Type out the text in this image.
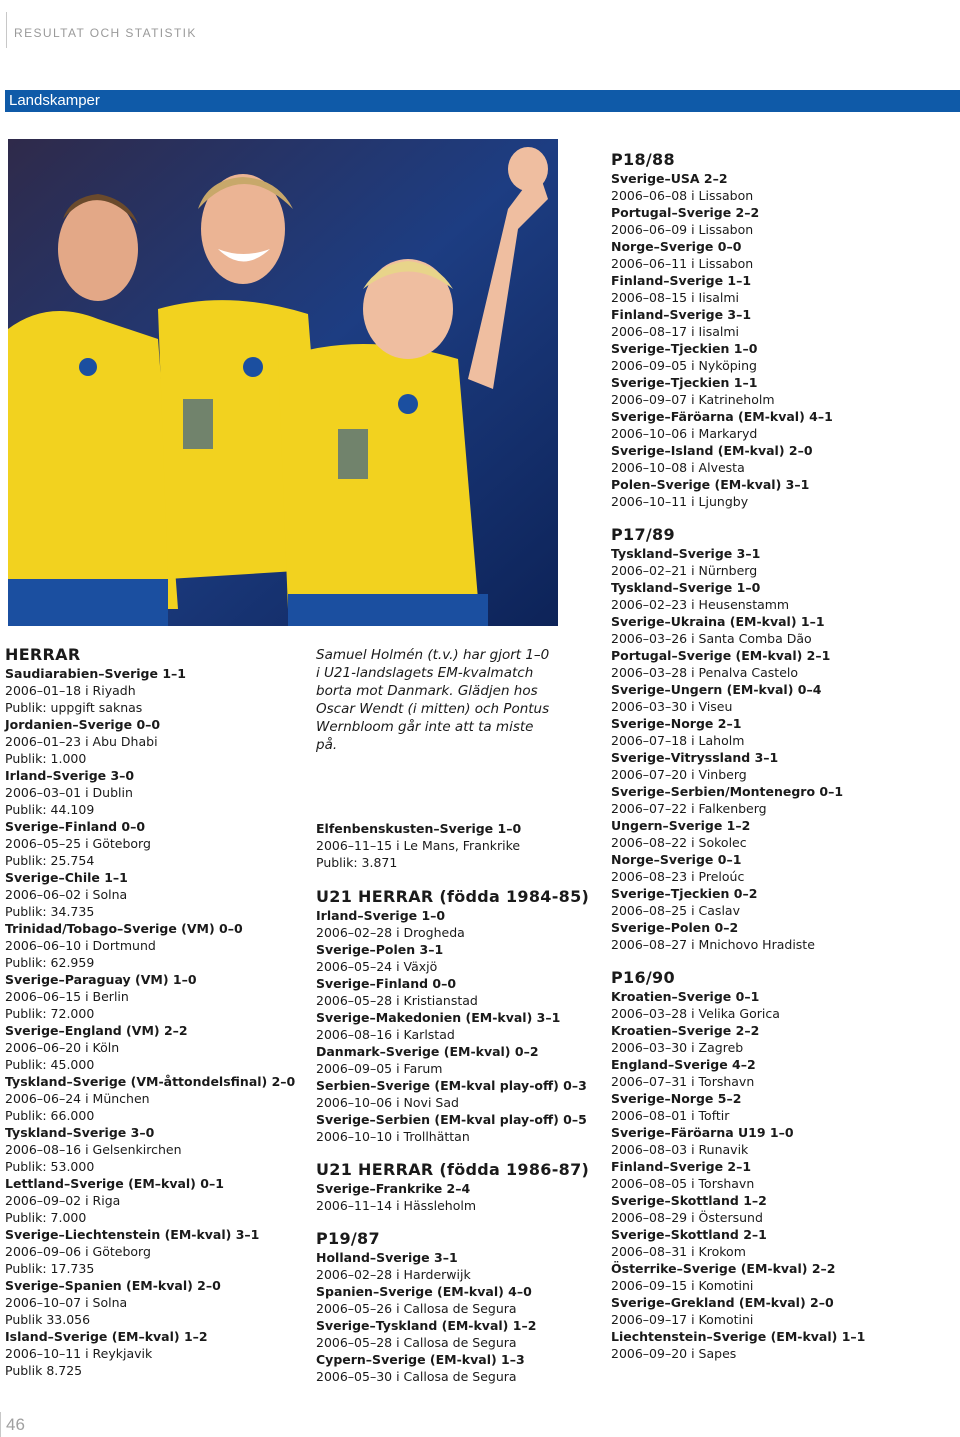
RESULTAT OCH STATISTIK
Landskamper
HERRAR
Saudiarabien–Sverige 1–1
2006–01–18 i Riyadh
Publik: uppgift saknas
Jordanien–Sverige 0–0
2006–01–23 i Abu Dhabi
Publik: 1.000
Irland–Sverige 3–0
2006–03–01 i Dublin
Publik: 44.109
Sverige–Finland 0–0
2006–05–25 i Göteborg
Publik: 25.754
Sverige–Chile 1–1
2006–06–02 i Solna
Publik: 34.735
Trinidad/Tobago–Sverige (VM) 0–0
2006–06–10 i Dortmund
Publik: 62.959
Sverige–Paraguay (VM) 1–0
2006–06–15 i Berlin
Publik: 72.000
Sverige–England (VM) 2–2
2006–06–20 i Köln
Publik: 45.000
Tyskland–Sverige (VM-åttondelsfinal) 2–0
2006–06–24 i München
Publik: 66.000
Tyskland–Sverige 3–0
2006–08–16 i Gelsenkirchen
Publik: 53.000
Lettland–Sverige (EM–kval) 0–1
2006–09–02 i Riga
Publik: 7.000
Sverige–Liechtenstein (EM-kval) 3–1
2006–09–06 i Göteborg
Publik: 17.735
Sverige–Spanien (EM-kval) 2–0
2006–10–07 i Solna
Publik 33.056
Island–Sverige (EM–kval) 1–2
2006–10–11 i Reykjavik
Publik 8.725
Samuel Holmén (t.v.) har gjort 1–0 i U21-landslagets EM-kvalmatch borta mot Danmark. Glädjen hos Oscar Wendt (i mitten) och Pontus Wernbloom går inte att ta miste på.
Elfenbenskusten–Sverige 1–0
2006–11–15 i Le Mans, Frankrike
Publik: 3.871
U21 HERRAR (födda 1984-85)
Irland–Sverige 1–0
2006–02–28 i Drogheda
Sverige–Polen 3–1
2006–05–24 i Växjö
Sverige–Finland 0–0
2006–05–28 i Kristianstad
Sverige–Makedonien (EM-kval) 3–1
2006–08–16 i Karlstad
Danmark–Sverige (EM-kval) 0–2
2006–09–05 i Farum
Serbien–Sverige (EM-kval play-off) 0–3
2006–10–06 i Novi Sad
Sverige–Serbien (EM-kval play-off) 0–5
2006–10–10 i Trollhättan
U21 HERRAR (födda 1986-87)
Sverige–Frankrike 2–4
2006–11–14 i Hässleholm
P19/87
Holland–Sverige 3–1
2006–02–28 i Harderwijk
Spanien–Sverige (EM-kval) 4–0
2006–05–26 i Callosa de Segura
Sverige–Tyskland (EM-kval) 1–2
2006–05–28 i Callosa de Segura
Cypern–Sverige (EM-kval) 1–3
2006–05–30 i Callosa de Segura
P18/88
Sverige–USA 2–2
2006–06–08 i Lissabon
Portugal–Sverige 2–2
2006–06–09 i Lissabon
Norge–Sverige 0–0
2006–06–11 i Lissabon
Finland–Sverige 1–1
2006–08–15 i Iisalmi
Finland–Sverige 3–1
2006–08–17 i Iisalmi
Sverige–Tjeckien 1–0
2006–09–05 i Nyköping
Sverige–Tjeckien 1–1
2006–09–07 i Katrineholm
Sverige–Färöarna (EM-kval) 4–1
2006–10–06 i Markaryd
Sverige–Island (EM-kval) 2–0
2006–10–08 i Alvesta
Polen–Sverige (EM-kval) 3–1
2006–10–11 i Ljungby
P17/89
Tyskland–Sverige 3–1
2006–02–21 i Nürnberg
Tyskland–Sverige 1–0
2006–02–23 i Heusenstamm
Sverige–Ukraina (EM-kval) 1–1
2006–03–26 i Santa Comba Dão
Portugal–Sverige (EM-kval) 2–1
2006–03–28 i Penalva Castelo
Sverige–Ungern (EM-kval) 0–4
2006–03–30 i Viseu
Sverige–Norge 2–1
2006–07–18 i Laholm
Sverige–Vitryssland 3–1
2006–07–20 i Vinberg
Sverige–Serbien/Montenegro 0–1
2006–07–22 i Falkenberg
Ungern–Sverige 1–2
2006–08–22 i Sokolec
Norge–Sverige 0–1
2006–08–23 i Preloúc
Sverige–Tjeckien 0–2
2006–08–25 i Caslav
Sverige–Polen 0–2
2006–08–27 i Mnichovo Hradiste
P16/90
Kroatien–Sverige 0–1
2006–03–28 i Velika Gorica
Kroatien–Sverige 2–2
2006–03–30 i Zagreb
England–Sverige 4–2
2006–07–31 i Torshavn
Sverige–Norge 5–2
2006–08–01 i Toftir
Sverige–Färöarna U19 1–0
2006–08–03 i Runavik
Finland–Sverige 2–1
2006–08–05 i Torshavn
Sverige–Skottland 1–2
2006–08–29 i Östersund
Sverige–Skottland 2–1
2006–08–31 i Krokom
Österrike–Sverige (EM-kval) 2–2
2006–09–15 i Komotini
Sverige–Grekland (EM-kval) 2–0
2006–09–17 i Komotini
Liechtenstein–Sverige (EM-kval) 1–1
2006–09–20 i Sapes
46
